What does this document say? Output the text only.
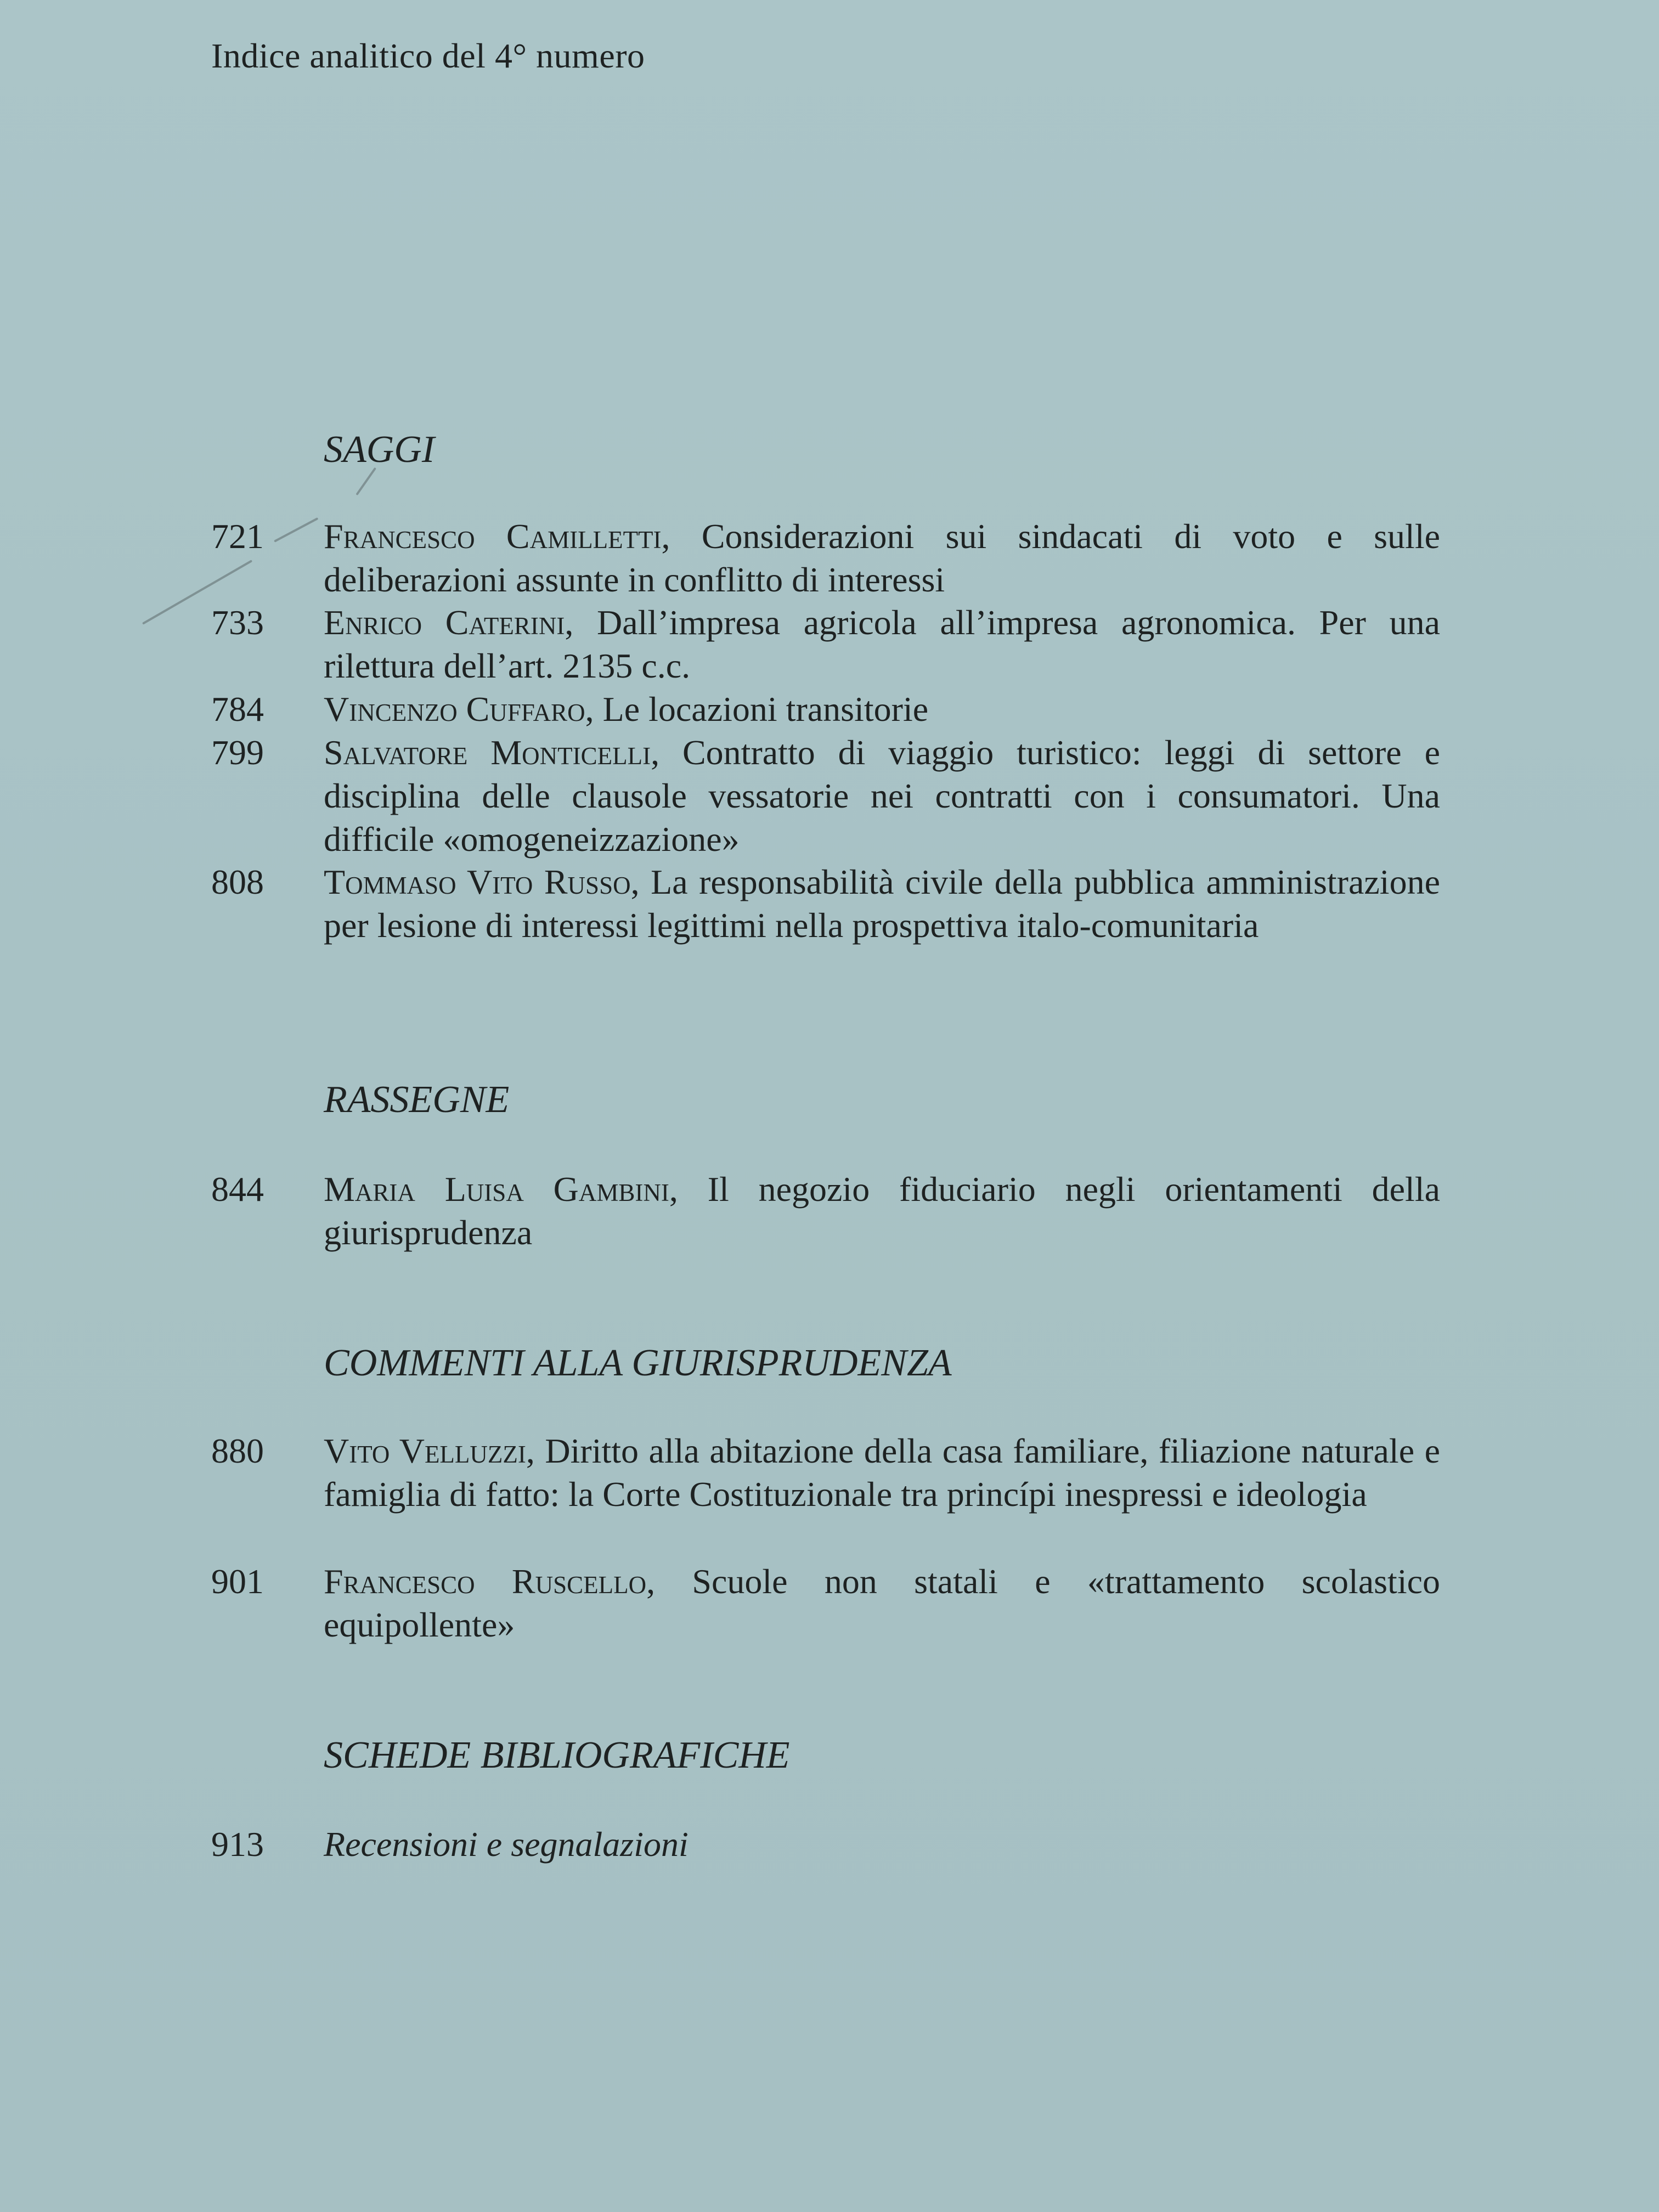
Indice analitico del 4° numero
SAGGI
721	Francesco Camilletti, Considerazioni sui sindacati di voto e sulle deliberazioni assunte in conflitto di interessi
733	Enrico Caterini, Dall’impresa agricola all’impresa agronomica. Per una rilettura dell’art. 2135 c.c.
784	Vincenzo Cuffaro, Le locazioni transitorie
799	Salvatore Monticelli, Contratto di viaggio turistico: leggi di settore e disciplina delle clausole vessatorie nei contratti con i consumatori. Una difficile «omogeneizzazione»
808	Tommaso Vito Russo, La responsabilità civile della pubblica amministrazione per lesione di interessi legittimi nella prospettiva italo-comunitaria
RASSEGNE
844	Maria Luisa Gambini, Il negozio fiduciario negli orientamenti della giurisprudenza
COMMENTI ALLA GIURISPRUDENZA
880	Vito Velluzzi, Diritto alla abitazione della casa familiare, filiazione naturale e famiglia di fatto: la Corte Costituzionale tra princípi inespressi e ideologia
901	Francesco Ruscello, Scuole non statali e «trattamento scolastico equipollente»
SCHEDE BIBLIOGRAFICHE
913	Recensioni e segnalazioni
